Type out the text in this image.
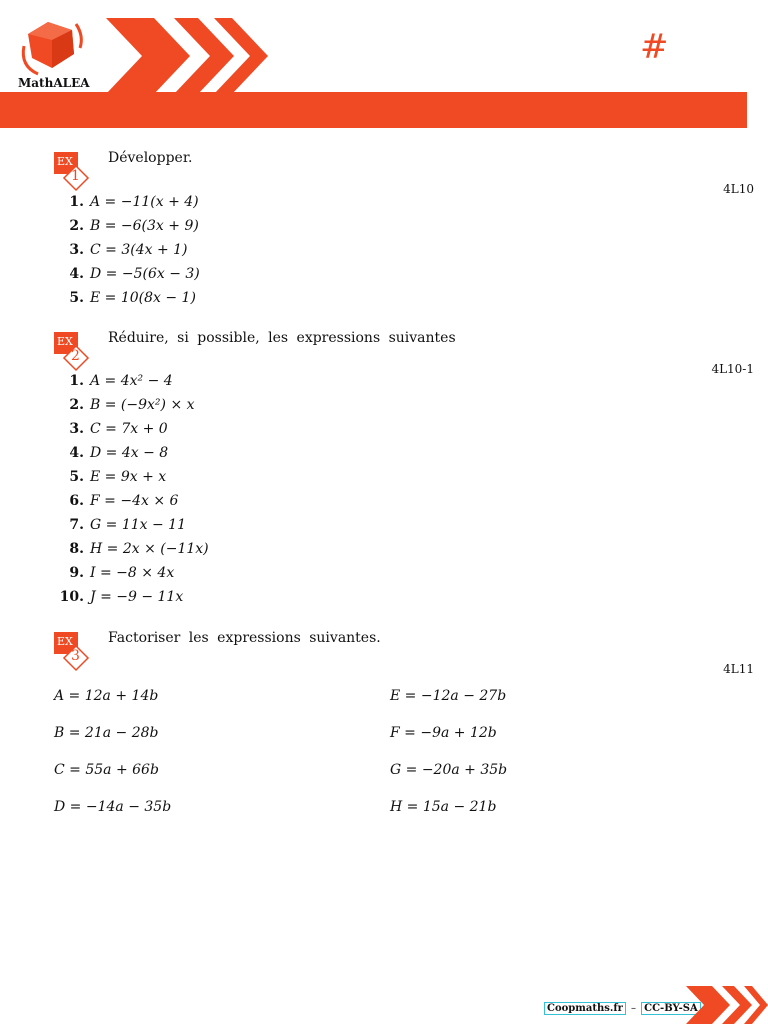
MathALEA
#
EX
1
Développer.
4L10
1. A = −11(x + 4)
2. B = −6(3x + 9)
3. C = 3(4x + 1)
4. D = −5(6x − 3)
5. E = 10(8x − 1)
EX
2
Réduire, si possible, les expressions suivantes
4L10-1
1. A = 4x² − 4
2. B = (−9x²) × x
3. C = 7x + 0
4. D = 4x − 8
5. E = 9x + x
6. F = −4x × 6
7. G = 11x − 11
8. H = 2x × (−11x)
9. I = −8 × 4x
10. J = −9 − 11x
EX
3
Factoriser les expressions suivantes.
4L11
A = 12a + 14b
B = 21a − 28b
C = 55a + 66b
D = −14a − 35b
E = −12a − 27b
F = −9a + 12b
G = −20a + 35b
H = 15a − 21b
Coopmaths.fr – CC-BY-SA
